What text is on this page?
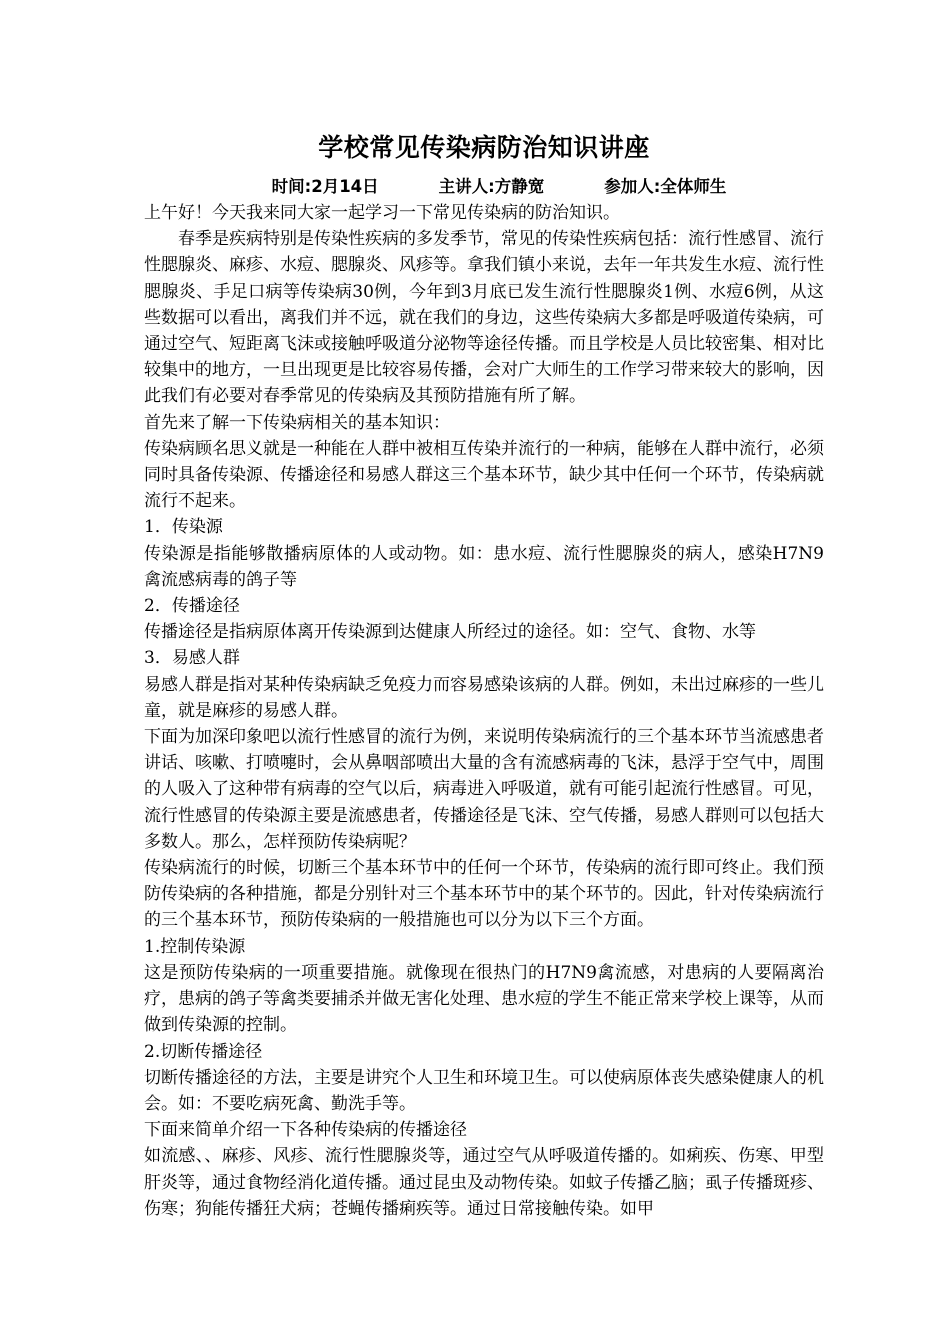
学校常见传染病防治知识讲座
时间:2月14日	主讲人:方静宽	参加人:全体师生

上午好！今天我来同大家一起学习一下常见传染病的防治知识。

春季是疾病特别是传染性疾病的多发季节，常见的传染性疾病包括：流行性感冒、流行性腮腺炎、麻疹、水痘、腮腺炎、风疹等。拿我们镇小来说，去年一年共发生水痘、流行性腮腺炎、手足口病等传染病30例，今年到3月底已发生流行性腮腺炎1例、水痘6例，从这些数据可以看出，离我们并不远，就在我们的身边，这些传染病大多都是呼吸道传染病，可通过空气、短距离飞沫或接触呼吸道分泌物等途径传播。而且学校是人员比较密集、相对比较集中的地方，一旦出现更是比较容易传播，会对广大师生的工作学习带来较大的影响，因此我们有必要对春季常见的传染病及其预防措施有所了解。

首先来了解一下传染病相关的基本知识：

传染病顾名思义就是一种能在人群中被相互传染并流行的一种病，能够在人群中流行，必须同时具备传染源、传播途径和易感人群这三个基本环节，缺少其中任何一个环节，传染病就流行不起来。

1．传染源

传染源是指能够散播病原体的人或动物。如：患水痘、流行性腮腺炎的病人，感染H7N9禽流感病毒的鸽子等

2．传播途径

传播途径是指病原体离开传染源到达健康人所经过的途径。如：空气、食物、水等

3．易感人群

易感人群是指对某种传染病缺乏免疫力而容易感染该病的人群。例如，未出过麻疹的一些儿童，就是麻疹的易感人群。

下面为加深印象吧以流行性感冒的流行为例，来说明传染病流行的三个基本环节当流感患者讲话、咳嗽、打喷嚏时，会从鼻咽部喷出大量的含有流感病毒的飞沫，悬浮于空气中，周围的人吸入了这种带有病毒的空气以后，病毒进入呼吸道，就有可能引起流行性感冒。可见，流行性感冒的传染源主要是流感患者，传播途径是飞沫、空气传播，易感人群则可以包括大多数人。那么，怎样预防传染病呢？

传染病流行的时候，切断三个基本环节中的任何一个环节，传染病的流行即可终止。我们预防传染病的各种措施，都是分别针对三个基本环节中的某个环节的。因此，针对传染病流行的三个基本环节，预防传染病的一般措施也可以分为以下三个方面。

1.控制传染源

这是预防传染病的一项重要措施。就像现在很热门的H7N9禽流感，对患病的人要隔离治疗，患病的鸽子等禽类要捕杀并做无害化处理、患水痘的学生不能正常来学校上课等，从而做到传染源的控制。

2.切断传播途径

切断传播途径的方法，主要是讲究个人卫生和环境卫生。可以使病原体丧失感染健康人的机会。如：不要吃病死禽、勤洗手等。

下面来简单介绍一下各种传染病的传播途径

如流感、、麻疹、风疹、流行性腮腺炎等，通过空气从呼吸道传播的。如痢疾、伤寒、甲型肝炎等，通过食物经消化道传播。通过昆虫及动物传染。如蚊子传播乙脑；虱子传播斑疹、伤寒；狗能传播狂犬病；苍蝇传播痢疾等。通过日常接触传染。如甲
